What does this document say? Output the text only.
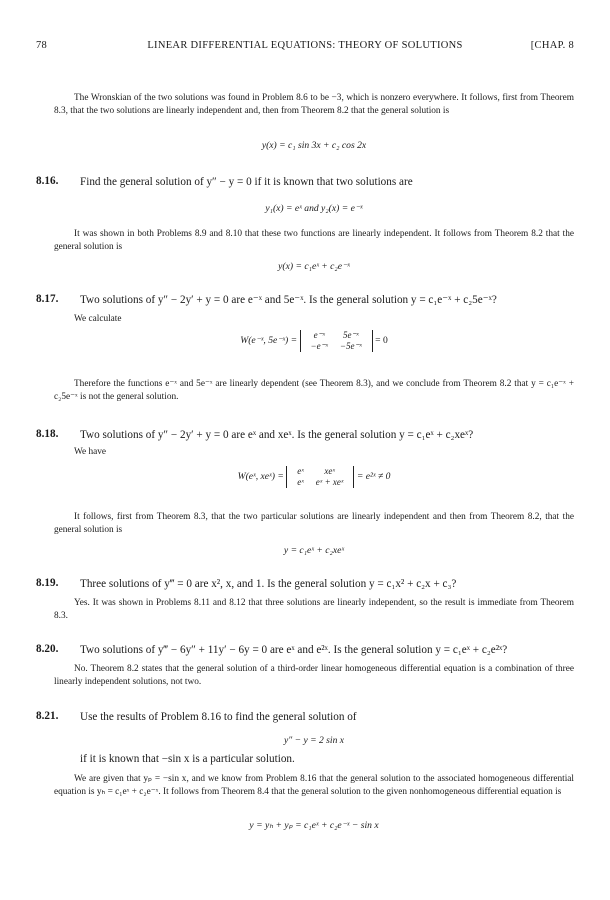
78	LINEAR DIFFERENTIAL EQUATIONS: THEORY OF SOLUTIONS	[CHAP. 8
The Wronskian of the two solutions was found in Problem 8.6 to be −3, which is nonzero everywhere. It follows, first from Theorem 8.3, that the two solutions are linearly independent and, then from Theorem 8.2 that the general solution is
y(x) = c₁ sin 3x + c₂ cos 2x
8.16. Find the general solution of y″ − y = 0 if it is known that two solutions are
y₁(x) = eˣ and y₂(x) = e⁻ˣ
It was shown in both Problems 8.9 and 8.10 that these two functions are linearly independent. It follows from Theorem 8.2 that the general solution is
y(x) = c₁eˣ + c₂e⁻ˣ
8.17. Two solutions of y″ − 2y′ + y = 0 are e⁻ˣ and 5e⁻ˣ. Is the general solution y = c₁e⁻ˣ + c₂5e⁻ˣ?
We calculate
W(e⁻ˣ, 5e⁻ˣ) =
e⁻ˣ	5e⁻ˣ
−e⁻ˣ	−5e⁻ˣ = 0
Therefore the functions e⁻ˣ and 5e⁻ˣ are linearly dependent (see Theorem 8.3), and we conclude from Theorem 8.2 that y = c₁e⁻ˣ + c₂5e⁻ˣ is not the general solution.
8.18. Two solutions of y″ − 2y′ + y = 0 are eˣ and xeˣ. Is the general solution y = c₁eˣ + c₂xeˣ?
We have
W(eˣ, xeˣ) =
eˣ	xeˣ
eˣ	eˣ + xeˣ = e²ˣ ≠ 0
It follows, first from Theorem 8.3, that the two particular solutions are linearly independent and then from Theorem 8.2, that the general solution is
y = c₁eˣ + c₂xeˣ
8.19. Three solutions of y‴ = 0 are x², x, and 1. Is the general solution y = c₁x² + c₂x + c₃?
Yes. It was shown in Problems 8.11 and 8.12 that three solutions are linearly independent, so the result is immediate from Theorem 8.3.
8.20. Two solutions of y‴ − 6y″ + 11y′ − 6y = 0 are eˣ and e²ˣ. Is the general solution y = c₁eˣ + c₂e²ˣ?
No. Theorem 8.2 states that the general solution of a third-order linear homogeneous differential equation is a combination of three linearly independent solutions, not two.
8.21. Use the results of Problem 8.16 to find the general solution of
y″ − y = 2 sin x
if it is known that −sin x is a particular solution.
We are given that yₚ = −sin x, and we know from Problem 8.16 that the general solution to the associated homogeneous differential equation is yₕ = c₁eˣ + c₂e⁻ˣ. It follows from Theorem 8.4 that the general solution to the given nonhomogeneous differential equation is
y = yₕ + yₚ = c₁eˣ + c₂e⁻ˣ − sin x
